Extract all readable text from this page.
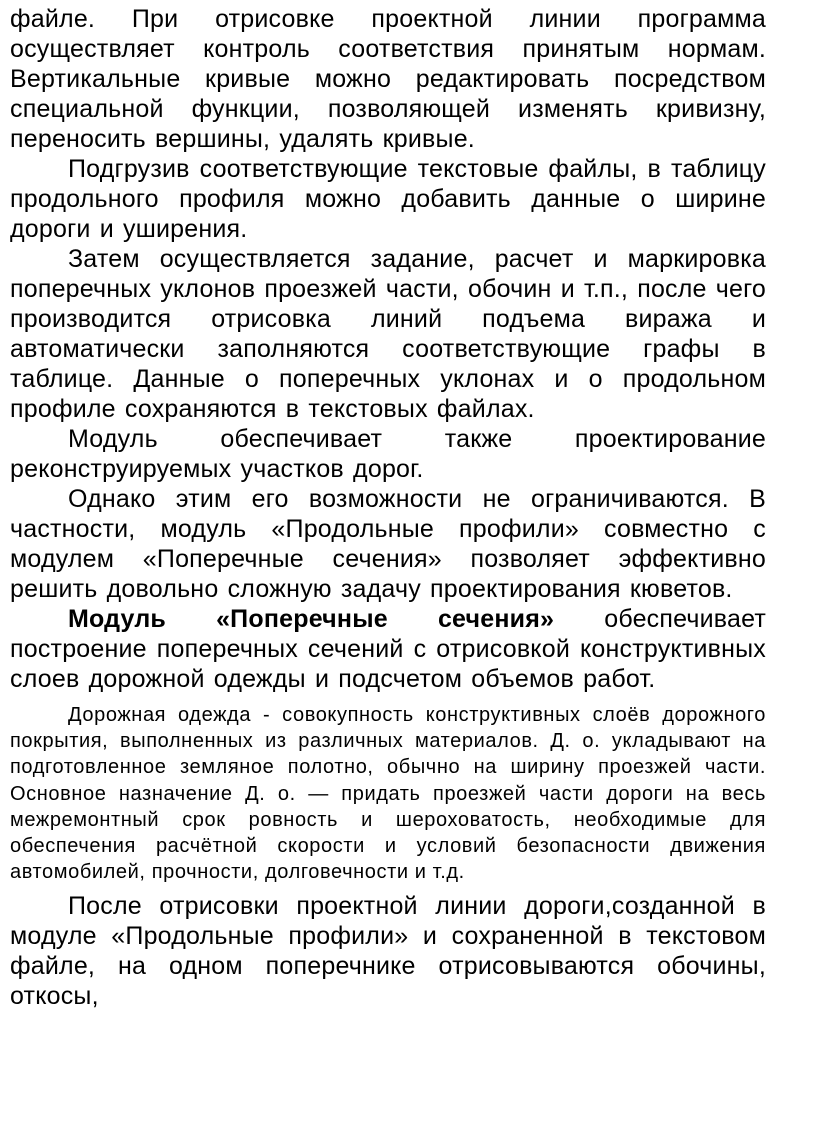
файле. При отрисовке проектной линии программа осуществляет контроль соответствия принятым нормам. Вертикальные кривые можно редактировать посредством специальной функции, позволяющей изменять кривизну, переносить вершины, удалять кривые.

Подгрузив соответствующие текстовые файлы, в таблицу продольного профиля можно добавить данные о ширине дороги и уширения.

Затем осуществляется задание, расчет и маркировка поперечных уклонов проезжей части, обочин и т.п., после чего производится отрисовка линий подъема виража и автоматически заполняются соответствующие графы в таблице. Данные о поперечных уклонах и о продольном профиле сохраняются в текстовых файлах.

Модуль обеспечивает также проектирование реконструируемых участков дорог.

Однако этим его возможности не ограничиваются. В частности, модуль «Продольные профили» совместно с модулем «Поперечные сечения» позволяет эффективно решить довольно сложную задачу проектирования кюветов.

Модуль «Поперечные сечения» обеспечивает построение поперечных сечений с отрисовкой конструктивных слоев дорожной одежды и подсчетом объемов работ.

Дорожная одежда - совокупность конструктивных слоёв дорожного покрытия, выполненных из различных материалов. Д. о. укладывают на подготовленное земляное полотно, обычно на ширину проезжей части. Основное назначение Д. о. — придать проезжей части дороги на весь межремонтный срок ровность и шероховатость, необходимые для обеспечения расчётной скорости и условий безопасности движения автомобилей, прочности, долговечности и т.д.

После отрисовки проектной линии дороги,созданной в модуле «Продольные профили» и сохраненной в текстовом файле, на одном поперечнике отрисовываются обочины, откосы,
